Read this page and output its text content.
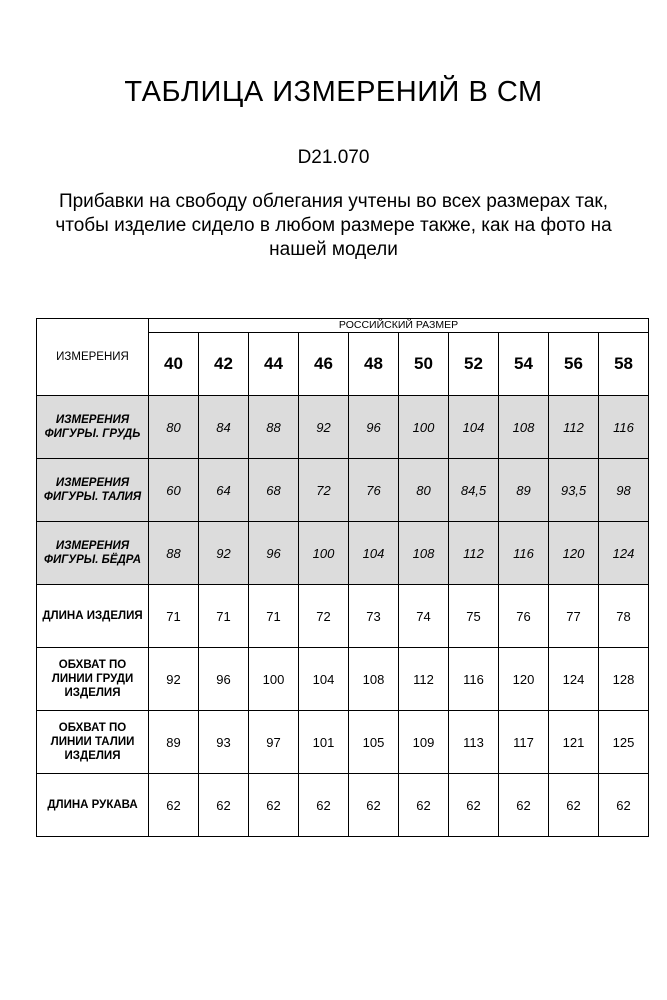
ТАБЛИЦА ИЗМЕРЕНИЙ В СМ
D21.070
Прибавки на свободу облегания учтены во всех размерах так, чтобы изделие сидело в любом размере также, как на фото на нашей модели
ИЗМЕРЕНИЯ	РОССИЙСКИЙ РАЗМЕР									
	40	42	44	46	48	50	52	54	56	58
ИЗМЕРЕНИЯ ФИГУРЫ. ГРУДЬ	80	84	88	92	96	100	104	108	112	116
ИЗМЕРЕНИЯ ФИГУРЫ. ТАЛИЯ	60	64	68	72	76	80	84,5	89	93,5	98
ИЗМЕРЕНИЯ ФИГУРЫ. БЁДРА	88	92	96	100	104	108	112	116	120	124
ДЛИНА ИЗДЕЛИЯ	71	71	71	72	73	74	75	76	77	78
ОБХВАТ ПО ЛИНИИ ГРУДИ ИЗДЕЛИЯ	92	96	100	104	108	112	116	120	124	128
ОБХВАТ ПО ЛИНИИ ТАЛИИ ИЗДЕЛИЯ	89	93	97	101	105	109	113	117	121	125
ДЛИНА РУКАВА	62	62	62	62	62	62	62	62	62	62
